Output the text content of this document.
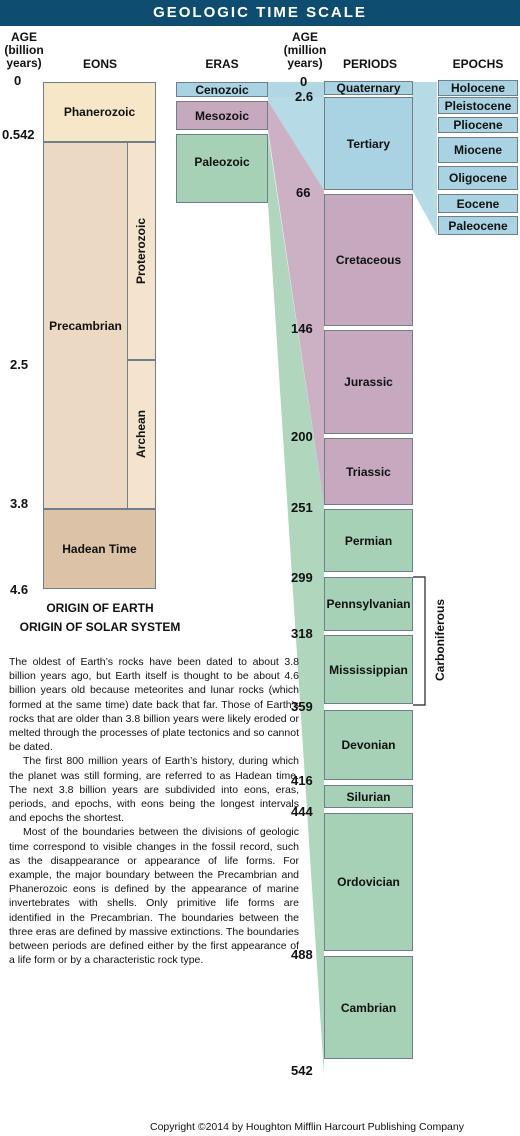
GEOLOGIC TIME SCALE
AGE
(billion
years)	EONS	ERAS
AGE
(million
years)	PERIODS	EPOCHS
0
0.542
2.5
3.8
4.6
Phanerozoic
Precambrian
Proterozoic
Archean
Hadean Time
ORIGIN OF EARTH
ORIGIN OF SOLAR SYSTEM
Cenozoic
Mesozoic
Paleozoic
0
2.6
66
146
200
251
299
318
359
416
444
488
542
Quaternary
Tertiary
Cretaceous
Jurassic
Triassic
Permian
Pennsylvanian
Mississippian
Devonian
Silurian
Ordovician
Cambrian
Carboniferous
Holocene
Pleistocene
Pliocene
Miocene
Oligocene
Eocene
Paleocene

The oldest of Earth’s rocks have been dated to about 3.8 billion years ago, but Earth itself is thought to be about 4.6 billion years old because meteorites and lunar rocks (which formed at the same time) date back that far. Those of Earth’s rocks that are older than 3.8 billion years were likely eroded or melted through the processes of plate tectonics and so cannot be dated.

The first 800 million years of Earth’s history, during which the planet was still forming, are referred to as Hadean time. The next 3.8 billion years are subdivided into eons, eras, periods, and epochs, with eons being the longest intervals and epochs the shortest.

Most of the boundaries between the divisions of geologic time correspond to visible changes in the fossil record, such as the disappearance or appearance of life forms. For example, the major boundary between the Precambrian and Phanerozoic eons is defined by the appearance of marine invertebrates with shells. Only primitive life forms are identified in the Precambrian. The boundaries between the three eras are defined by massive extinctions. The boundaries between periods are defined either by the first appearance of a life form or by a characteristic rock type.

Copyright ©2014 by Houghton Mifflin Harcourt Publishing Company
